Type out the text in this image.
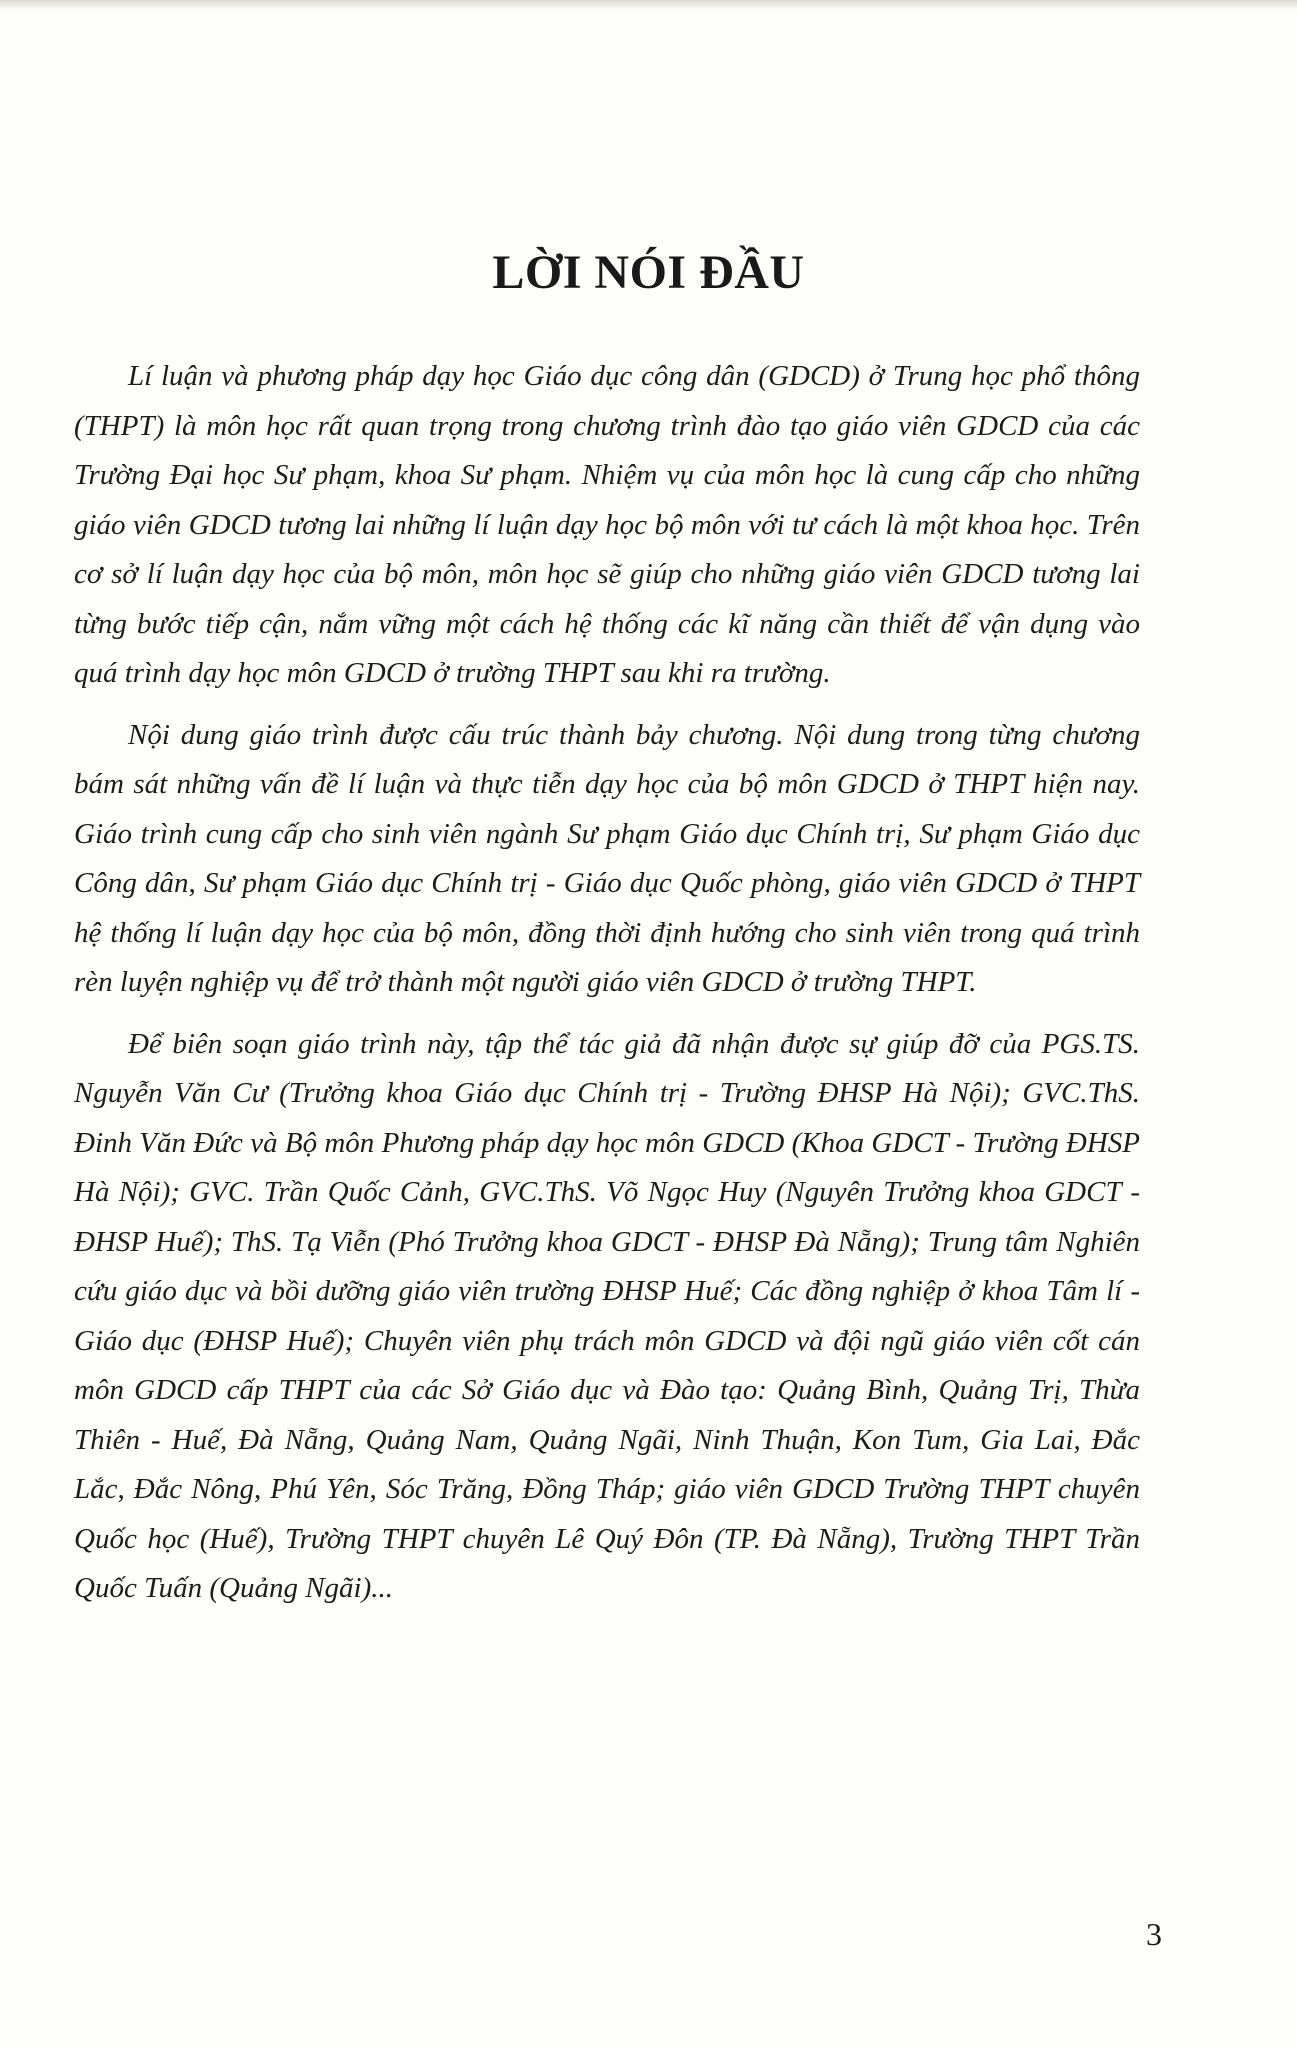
LỜI NÓI ĐẦU

Lí luận và phương pháp dạy học Giáo dục công dân (GDCD) ở Trung học phổ thông (THPT) là môn học rất quan trọng trong chương trình đào tạo giáo viên GDCD của các Trường Đại học Sư phạm, khoa Sư phạm. Nhiệm vụ của môn học là cung cấp cho những giáo viên GDCD tương lai những lí luận dạy học bộ môn với tư cách là một khoa học. Trên cơ sở lí luận dạy học của bộ môn, môn học sẽ giúp cho những giáo viên GDCD tương lai từng bước tiếp cận, nắm vững một cách hệ thống các kĩ năng cần thiết để vận dụng vào quá trình dạy học môn GDCD ở trường THPT sau khi ra trường.

Nội dung giáo trình được cấu trúc thành bảy chương. Nội dung trong từng chương bám sát những vấn đề lí luận và thực tiễn dạy học của bộ môn GDCD ở THPT hiện nay. Giáo trình cung cấp cho sinh viên ngành Sư phạm Giáo dục Chính trị, Sư phạm Giáo dục Công dân, Sư phạm Giáo dục Chính trị - Giáo dục Quốc phòng, giáo viên GDCD ở THPT hệ thống lí luận dạy học của bộ môn, đồng thời định hướng cho sinh viên trong quá trình rèn luyện nghiệp vụ để trở thành một người giáo viên GDCD ở trường THPT.

Để biên soạn giáo trình này, tập thể tác giả đã nhận được sự giúp đỡ của PGS.TS. Nguyễn Văn Cư (Trưởng khoa Giáo dục Chính trị - Trường ĐHSP Hà Nội); GVC.ThS. Đinh Văn Đức và Bộ môn Phương pháp dạy học môn GDCD (Khoa GDCT - Trường ĐHSP Hà Nội); GVC. Trần Quốc Cảnh, GVC.ThS. Võ Ngọc Huy (Nguyên Trưởng khoa GDCT - ĐHSP Huế); ThS. Tạ Viễn (Phó Trưởng khoa GDCT - ĐHSP Đà Nẵng); Trung tâm Nghiên cứu giáo dục và bồi dưỡng giáo viên trường ĐHSP Huế; Các đồng nghiệp ở khoa Tâm lí - Giáo dục (ĐHSP Huế); Chuyên viên phụ trách môn GDCD và đội ngũ giáo viên cốt cán môn GDCD cấp THPT của các Sở Giáo dục và Đào tạo: Quảng Bình, Quảng Trị, Thừa Thiên - Huế, Đà Nẵng, Quảng Nam, Quảng Ngãi, Ninh Thuận, Kon Tum, Gia Lai, Đắc Lắc, Đắc Nông, Phú Yên, Sóc Trăng, Đồng Tháp; giáo viên GDCD Trường THPT chuyên Quốc học (Huế), Trường THPT chuyên Lê Quý Đôn (TP. Đà Nẵng), Trường THPT Trần Quốc Tuấn (Quảng Ngãi)...

3
